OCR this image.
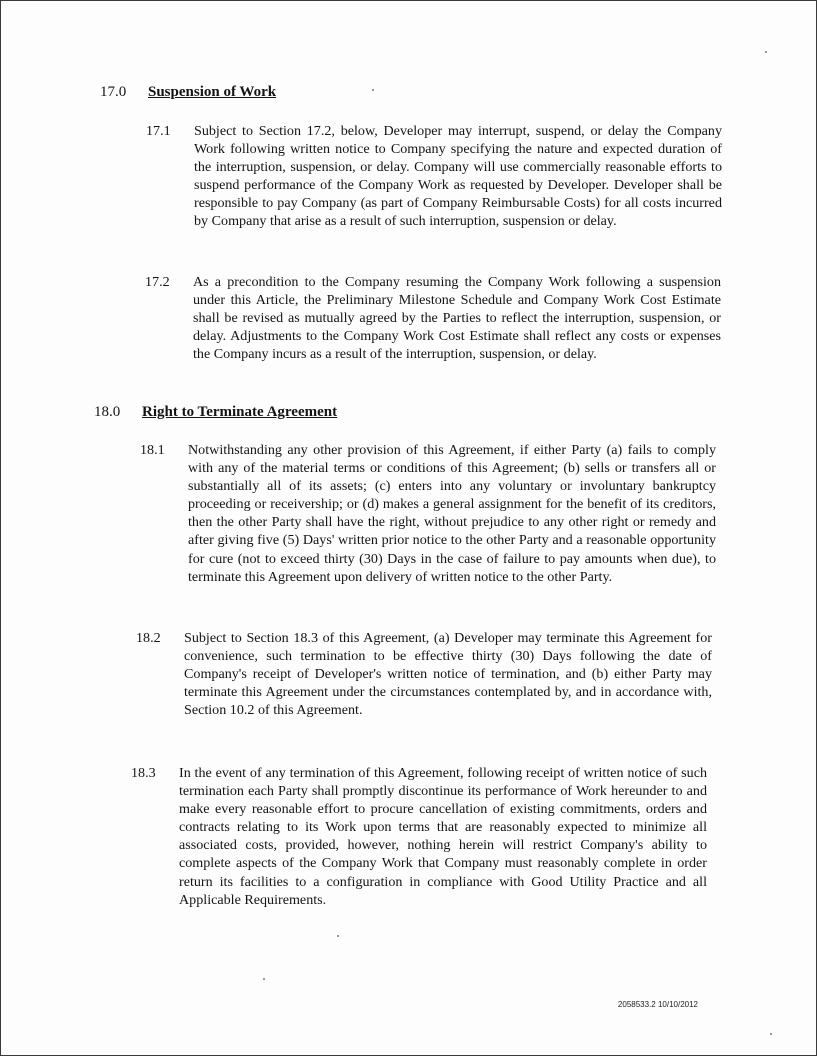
17.0 Suspension of Work
17.1	Subject to Section 17.2, below, Developer may interrupt, suspend, or delay the Company Work following written notice to Company specifying the nature and expected duration of the interruption, suspension, or delay. Company will use commercially reasonable efforts to suspend performance of the Company Work as requested by Developer. Developer shall be responsible to pay Company (as part of Company Reimbursable Costs) for all costs incurred by Company that arise as a result of such interruption, suspension or delay.
17.2	As a precondition to the Company resuming the Company Work following a suspension under this Article, the Preliminary Milestone Schedule and Company Work Cost Estimate shall be revised as mutually agreed by the Parties to reflect the interruption, suspension, or delay. Adjustments to the Company Work Cost Estimate shall reflect any costs or expenses the Company incurs as a result of the interruption, suspension, or delay.
18.0 Right to Terminate Agreement
18.1	Notwithstanding any other provision of this Agreement, if either Party (a) fails to comply with any of the material terms or conditions of this Agreement; (b) sells or transfers all or substantially all of its assets; (c) enters into any voluntary or involuntary bankruptcy proceeding or receivership; or (d) makes a general assignment for the benefit of its creditors, then the other Party shall have the right, without prejudice to any other right or remedy and after giving five (5) Days' written prior notice to the other Party and a reasonable opportunity for cure (not to exceed thirty (30) Days in the case of failure to pay amounts when due), to terminate this Agreement upon delivery of written notice to the other Party.
18.2	Subject to Section 18.3 of this Agreement, (a) Developer may terminate this Agreement for convenience, such termination to be effective thirty (30) Days following the date of Company's receipt of Developer's written notice of termination, and (b) either Party may terminate this Agreement under the circumstances contemplated by, and in accordance with, Section 10.2 of this Agreement.
18.3	In the event of any termination of this Agreement, following receipt of written notice of such termination each Party shall promptly discontinue its performance of Work hereunder to and make every reasonable effort to procure cancellation of existing commitments, orders and contracts relating to its Work upon terms that are reasonably expected to minimize all associated costs, provided, however, nothing herein will restrict Company's ability to complete aspects of the Company Work that Company must reasonably complete in order return its facilities to a configuration in compliance with Good Utility Practice and all Applicable Requirements.
2058533.2 10/10/2012
